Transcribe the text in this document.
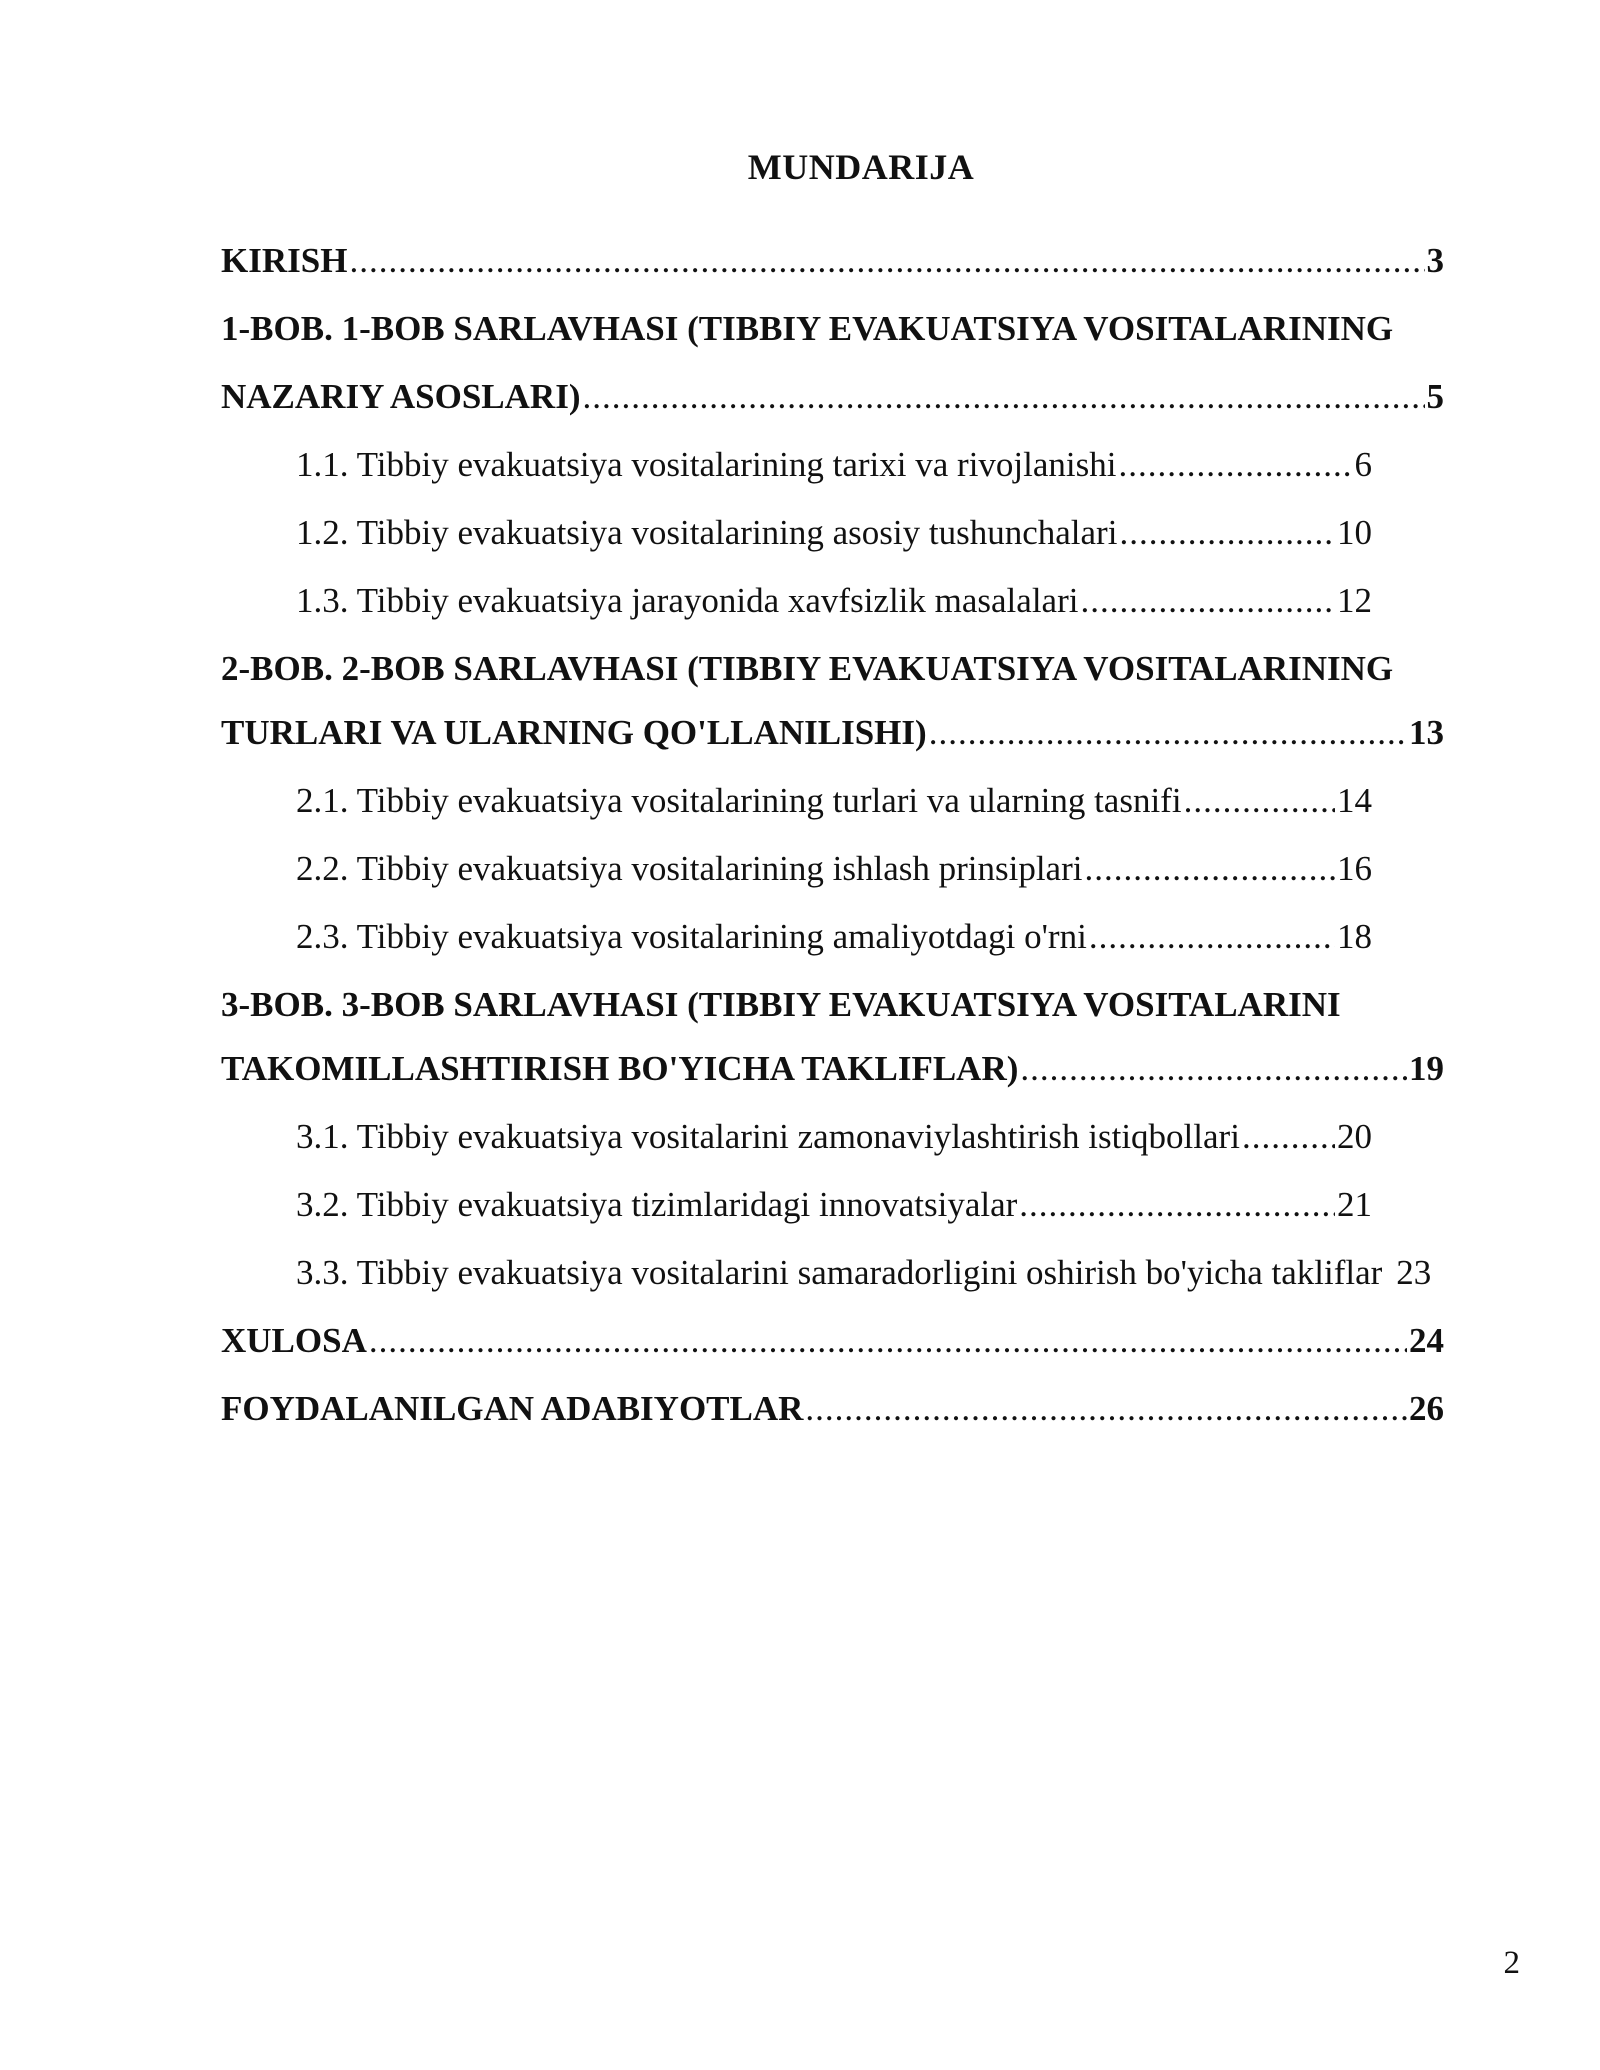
MUNDARIJA
KIRISH .....	3
1-BOB. 1-BOB SARLAVHASI (TIBBIY EVAKUATSIYA VOSITALARINING
NAZARIY ASOSLARI) .....	5
1.1. Tibbiy evakuatsiya vositalarining tarixi va rivojlanishi .....	6
1.2. Tibbiy evakuatsiya vositalarining asosiy tushunchalari .....	10
1.3. Tibbiy evakuatsiya jarayonida xavfsizlik masalalari .....	12
2-BOB. 2-BOB SARLAVHASI (TIBBIY EVAKUATSIYA VOSITALARINING
TURLARI VA ULARNING QO'LLANILISHI) .....	13
2.1. Tibbiy evakuatsiya vositalarining turlari va ularning tasnifi .....	14
2.2. Tibbiy evakuatsiya vositalarining ishlash prinsiplari .....	16
2.3. Tibbiy evakuatsiya vositalarining amaliyotdagi o'rni .....	18
3-BOB. 3-BOB SARLAVHASI (TIBBIY EVAKUATSIYA VOSITALARINI
TAKOMILLASHTIRISH BO'YICHA TAKLIFLAR) .....	19
3.1. Tibbiy evakuatsiya vositalarini zamonaviylashtirish istiqbollari .....	20
3.2. Tibbiy evakuatsiya tizimlaridagi innovatsiyalar .....	21
3.3. Tibbiy evakuatsiya vositalarini samaradorligini oshirish bo'yicha takliflar 23
XULOSA .....	24
FOYDALANILGAN ADABIYOTLAR .....	26
2
